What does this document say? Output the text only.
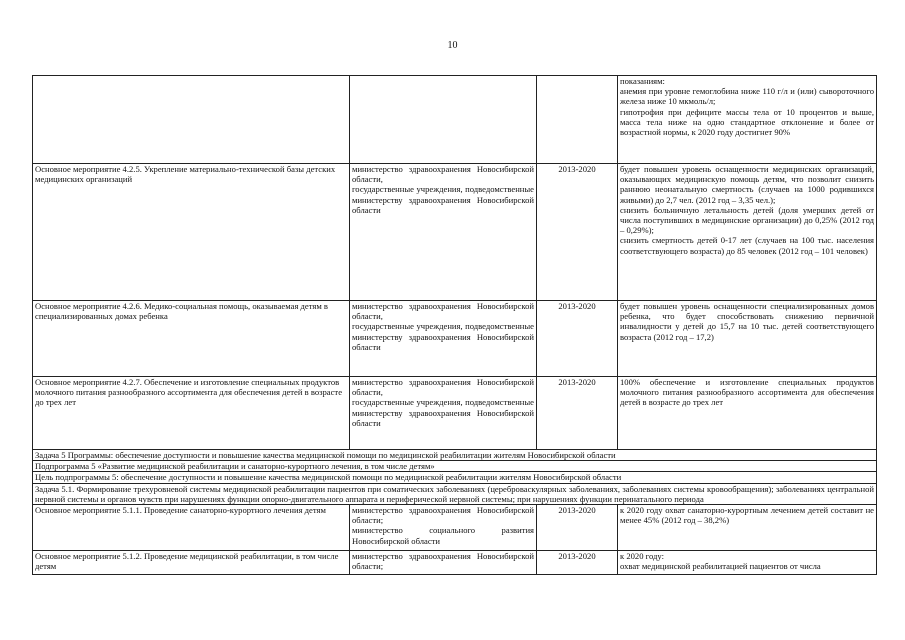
10

			показаниям:
анемия при уровне гемоглобина ниже 110 г/л и (или) сывороточного железа ниже 10 мкмоль/л;
гипотрофия при дефиците массы тела от 10 процентов и выше, масса тела ниже на одно стандартное отклонение и более от возрастной нормы, к 2020 году достигнет 90%

Основное мероприятие 4.2.5. Укрепление материально-технической базы детских медицинских организаций	министерство здравоохранения Новосибирской области,
государственные учреждения, подведомственные министерству здравоохранения Новосибирской области	2013-2020	будет повышен уровень оснащенности медицинских организаций, оказывающих медицинскую помощь детям, что позволит снизить раннюю неонатальную смертность (случаев на 1000 родившихся живыми) до 2,7 чел. (2012 год – 3,35 чел.);
снизить больничную летальность детей (доля умерших детей от числа поступивших в медицинские организации) до 0,25% (2012 год – 0,29%);
снизить смертность детей 0-17 лет (случаев на 100 тыс. населения соответствующего возраста) до 85 человек (2012 год – 101 человек)

Основное мероприятие 4.2.6. Медико-социальная помощь, оказываемая детям в специализированных домах ребенка	министерство здравоохранения Новосибирской области,
государственные учреждения, подведомственные министерству здравоохранения Новосибирской области	2013-2020	будет повышен уровень оснащенности специализированных домов ребенка, что будет способствовать снижению первичной инвалидности у детей до 15,7 на 10 тыс. детей соответствующего возраста (2012 год – 17,2)

Основное мероприятие 4.2.7. Обеспечение и изготовление специальных продуктов молочного питания разнообразного ассортимента для обеспечения детей в возрасте до трех лет	министерство здравоохранения Новосибирской области,
государственные учреждения, подведомственные министерству здравоохранения Новосибирской области	2013-2020	100% обеспечение и изготовление специальных продуктов молочного питания разнообразного ассортимента для обеспечения детей в возрасте до трех лет

Задача 5 Программы: обеспечение доступности и повышение качества медицинской помощи по медицинской реабилитации жителям Новосибирской области			
Подпрограмма 5 «Развитие медицинской реабилитации и санаторно-курортного лечения, в том числе детям»			
Цель подпрограммы 5: обеспечение доступности и повышение качества медицинской помощи по медицинской реабилитации жителям Новосибирской области			
Задача 5.1. Формирование трехуровневой системы медицинской реабилитации пациентов при соматических заболеваниях (цереброваскулярных заболеваниях, заболеваниях системы кровообращения); заболеваниях центральной нервной системы и органов чувств при нарушениях функции опорно-двигательного аппарата и периферической нервной системы; при нарушениях функции перинатального периода			
Основное мероприятие 5.1.1. Проведение санаторно-курортного лечения детям	министерство здравоохранения Новосибирской области;
министерство социального развития Новосибирской области	2013-2020	к 2020 году охват санаторно-курортным лечением детей составит не менее 45% (2012 год – 38,2%)

Основное мероприятие 5.1.2. Проведение медицинской реабилитации, в том числе детям	министерство здравоохранения Новосибирской области;	2013-2020	к 2020 году:
охват медицинской реабилитацией пациентов от числа
